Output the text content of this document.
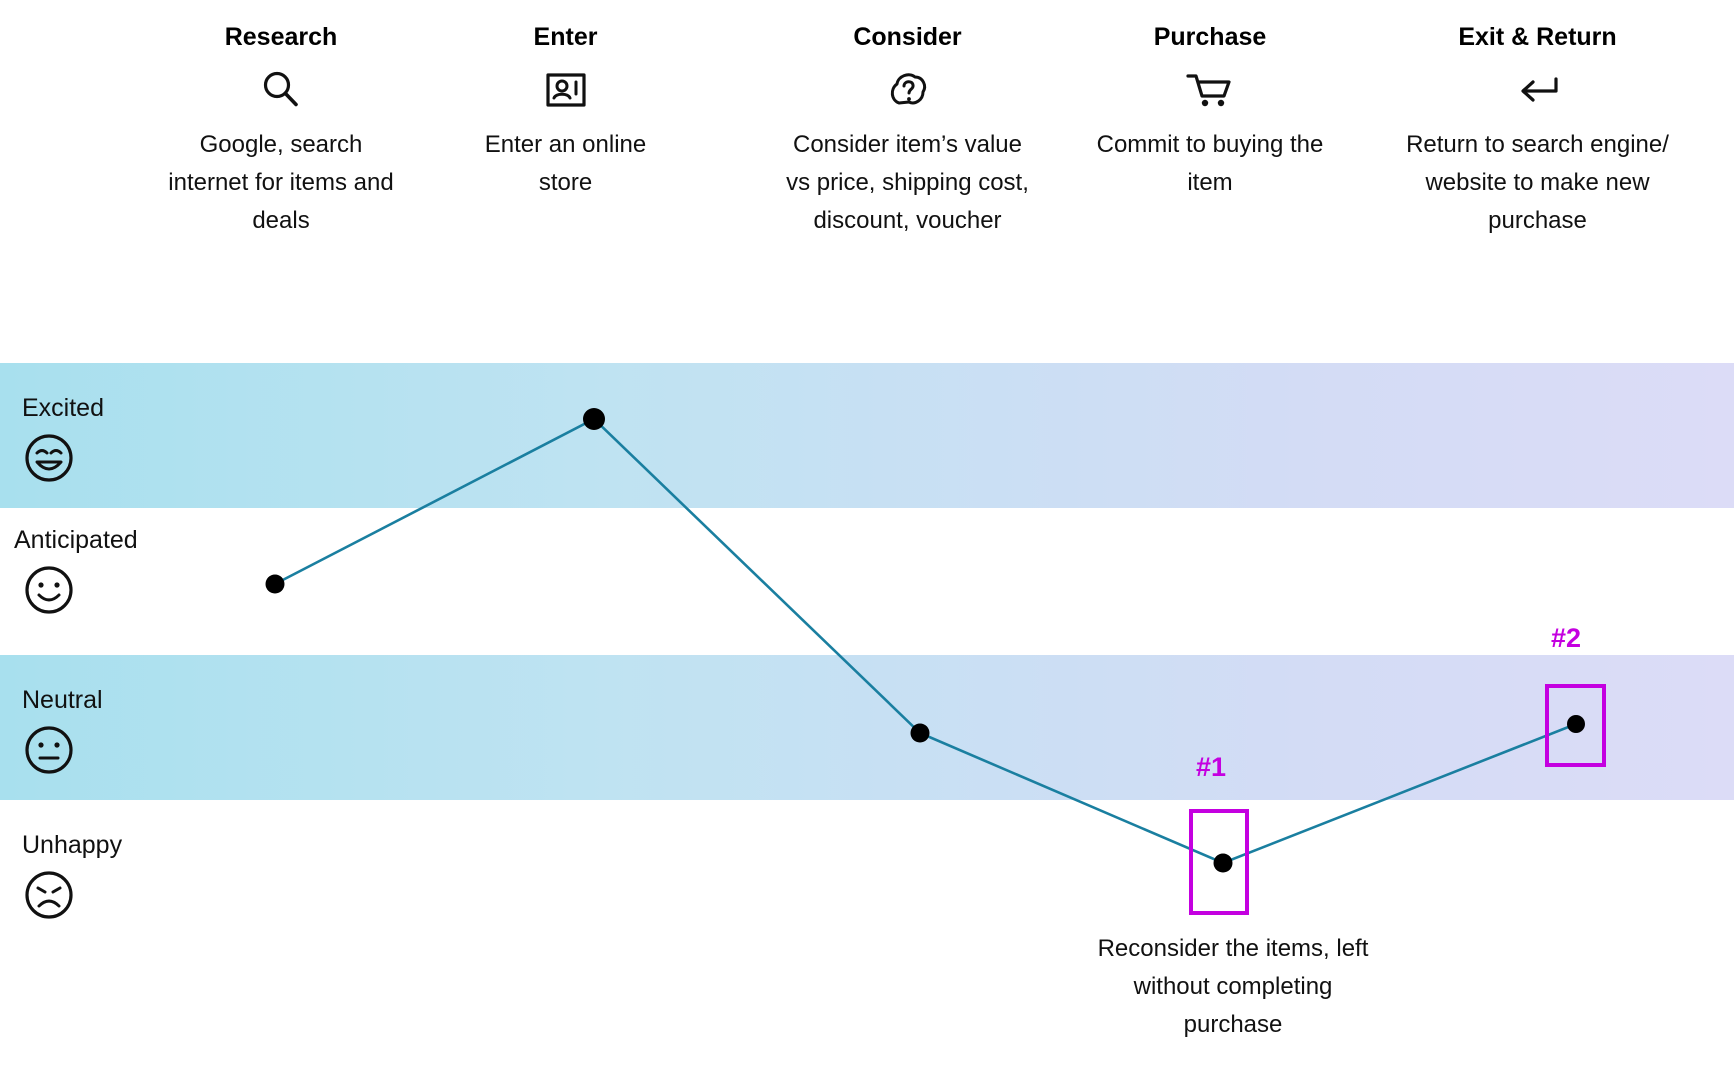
Research
Google, search internet for items and deals
Enter
Enter an online store
Consider
Consider item’s value vs price, shipping cost, discount, voucher
Purchase
Commit to buying the item
Exit & Return
Return to search engine/ website to make new purchase
Excited
Anticipated
Neutral
Unhappy
#1
#2
Reconsider the items, left without completing purchase
